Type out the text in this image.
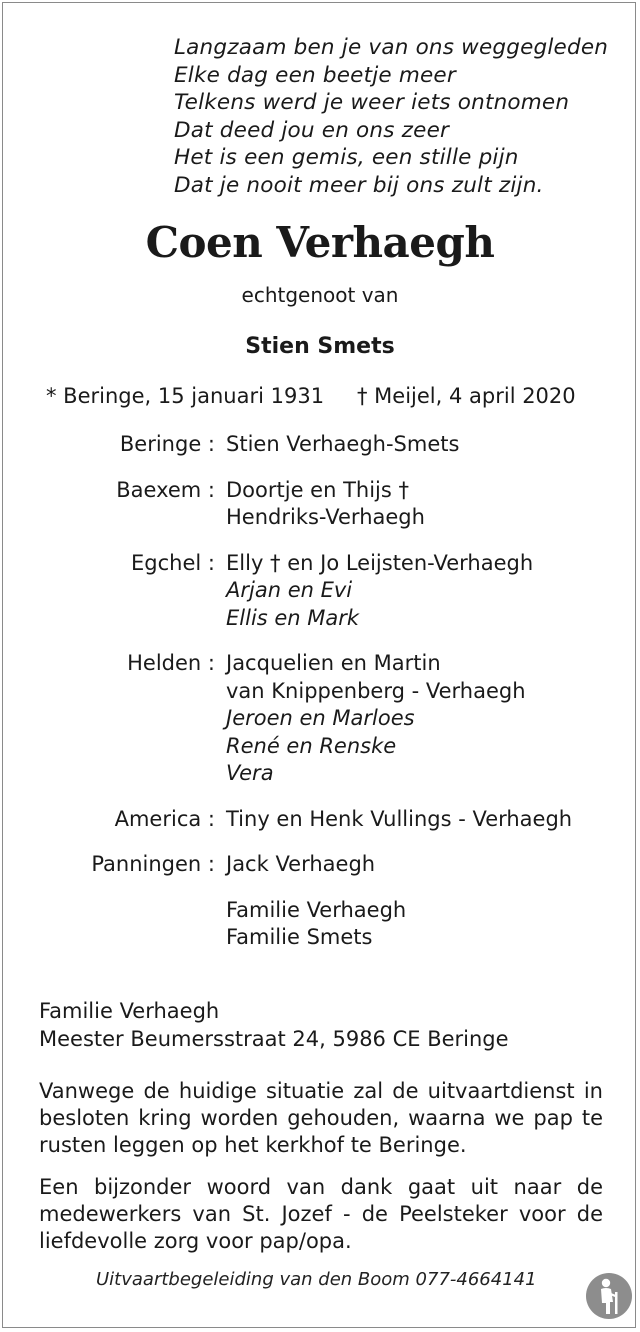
Langzaam ben je van ons weggegleden
Elke dag een beetje meer
Telkens werd je weer iets ontnomen
Dat deed jou en ons zeer
Het is een gemis, een stille pijn
Dat je nooit meer bij ons zult zijn.
Coen Verhaegh
echtgenoot van
Stien Smets
* Beringe, 15 januari 1931 † Meijel, 4 april 2020
Beringe : Stien Verhaegh-Smets
Baexem : Doortje en Thijs †
Hendriks-Verhaegh
Egchel : Elly † en Jo Leijsten-Verhaegh
Arjan en Evi
Ellis en Mark
Helden : Jacquelien en Martin
van Knippenberg - Verhaegh
Jeroen en Marloes
René en Renske
Vera
America : Tiny en Henk Vullings - Verhaegh
Panningen : Jack Verhaegh
Familie Verhaegh
Familie Smets
Familie Verhaegh
Meester Beumersstraat 24, 5986 CE Beringe
Vanwege de huidige situatie zal de uitvaartdienst in besloten kring worden gehouden, waarna we pap te rusten leggen op het kerkhof te Beringe.
Een bijzonder woord van dank gaat uit naar de medewerkers van St. Jozef - de Peelsteker voor de liefdevolle zorg voor pap/opa.
Uitvaartbegeleiding van den Boom 077-4664141
